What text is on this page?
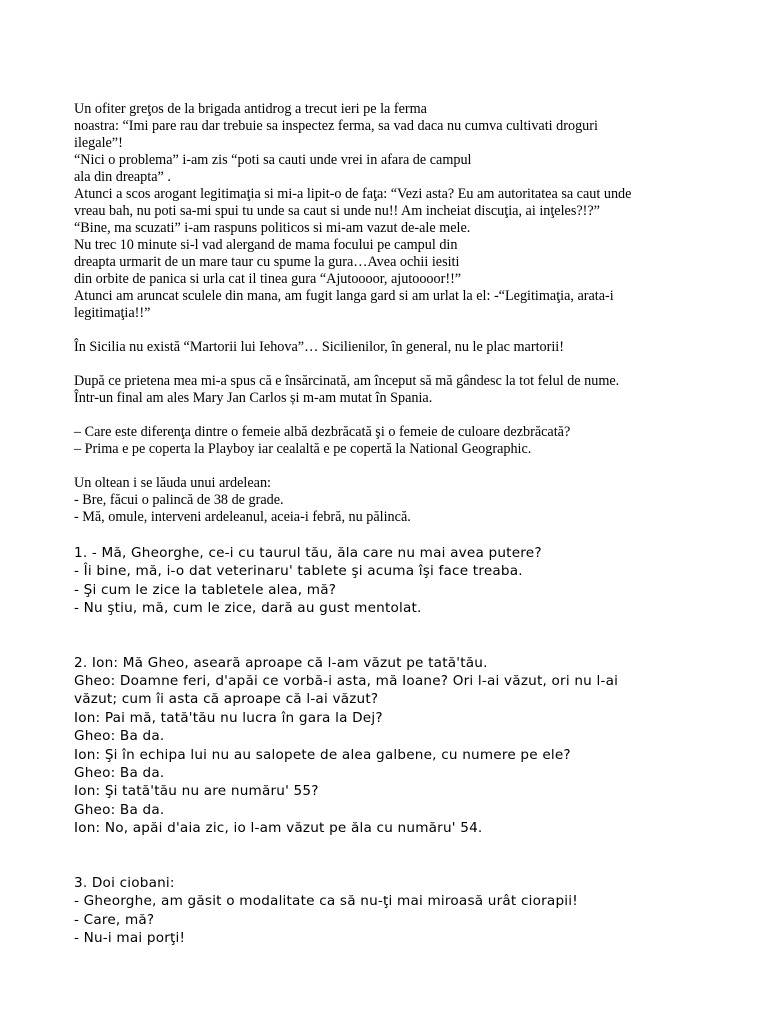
Un ofiter greţos de la brigada antidrog a trecut ieri pe la ferma
noastra: “Imi pare rau dar trebuie sa inspectez ferma, sa vad daca nu cumva cultivati droguri
ilegale”!
“Nici o problema” i-am zis “poti sa cauti unde vrei in afara de campul
ala din dreapta” .
Atunci a scos arogant legitimaţia si mi-a lipit-o de faţa: “Vezi asta? Eu am autoritatea sa caut unde
vreau bah, nu poti sa-mi spui tu unde sa caut si unde nu!! Am incheiat discuţia, ai inţeles?!?”
“Bine, ma scuzati” i-am raspuns politicos si mi-am vazut de-ale mele.
Nu trec 10 minute si-l vad alergand de mama focului pe campul din
dreapta urmarit de un mare taur cu spume la gura…Avea ochii iesiti
din orbite de panica si urla cat il tinea gura “Ajutoooor, ajutoooor!!”
Atunci am aruncat sculele din mana, am fugit langa gard si am urlat la el: -“Legitimaţia, arata-i
legitimaţia!!”
În Sicilia nu există “Martorii lui Iehova”… Sicilienilor, în general, nu le plac martorii!
După ce prietena mea mi-a spus că e însărcinată, am început să mă gândesc la tot felul de nume.
Într-un final am ales Mary Jan Carlos și m-am mutat în Spania.
– Care este diferenţa dintre o femeie albă dezbrăcată şi o femeie de culoare dezbrăcată?
– Prima e pe coperta la Playboy iar cealaltă e pe copertă la National Geographic.
Un oltean i se lăuda unui ardelean:
- Bre, făcui o palincă de 38 de grade.
- Mă, omule, interveni ardeleanul, aceia-i febră, nu pălincă.
1. - Mă, Gheorghe, ce-i cu taurul tău, ăla care nu mai avea putere?
- Îi bine, mă, i-o dat veterinaru' tablete şi acuma îşi face treaba.
- Şi cum le zice la tabletele alea, mă?
- Nu ştiu, mă, cum le zice, dară au gust mentolat.
2. Ion: Mă Gheo, aseară aproape că l-am văzut pe tată'tău.
Gheo: Doamne feri, d'apăi ce vorbă-i asta, mă Ioane? Ori l-ai văzut, ori nu l-ai
văzut; cum îi asta că aproape că l-ai văzut?
Ion: Pai mă, tată'tău nu lucra în gara la Dej?
Gheo: Ba da.
Ion: Şi în echipa lui nu au salopete de alea galbene, cu numere pe ele?
Gheo: Ba da.
Ion: Şi tată'tău nu are număru' 55?
Gheo: Ba da.
Ion: No, apăi d'aia zic, io l-am văzut pe ăla cu număru' 54.
3. Doi ciobani:
- Gheorghe, am găsit o modalitate ca să nu-ţi mai miroasă urât ciorapii!
- Care, mă?
- Nu-i mai porţi!
